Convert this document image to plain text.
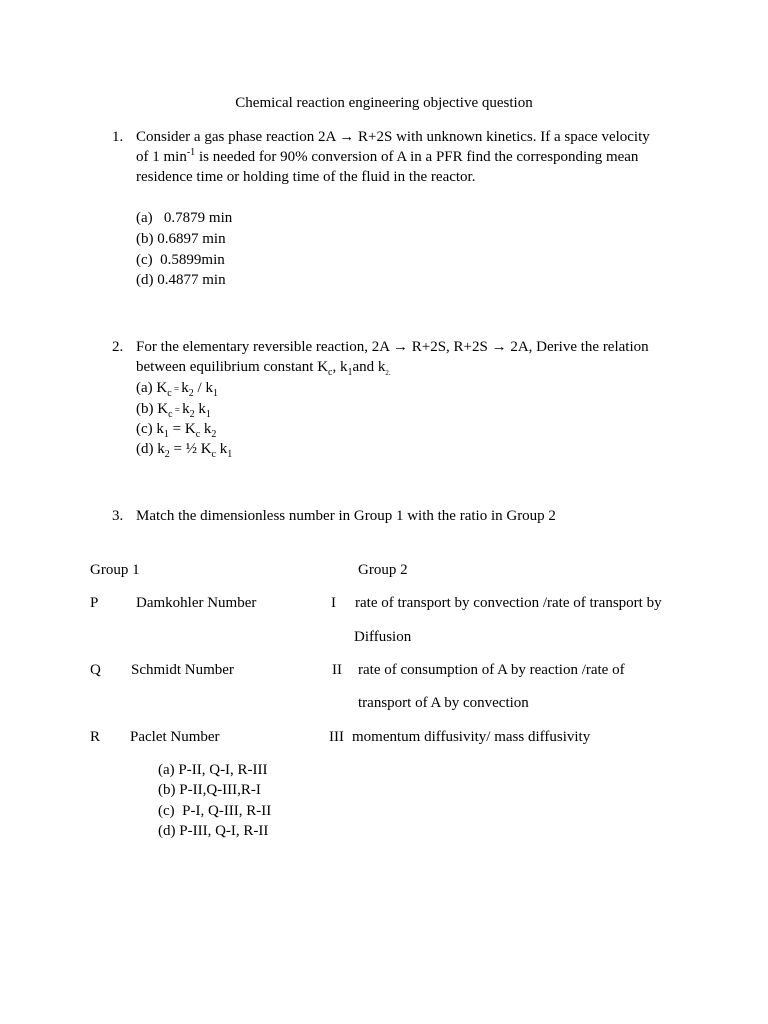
Chemical reaction engineering objective question
1. Consider a gas phase reaction 2A → R+2S with unknown kinetics. If a space velocity
of 1 $\min^{-1}$ is needed for 90% conversion of A in a PFR find the corresponding mean
residence time or holding time of the fluid in the reactor.
(a) 0.7879 min
(b) 0.6897 min
(c) 0.5899min
(d) 0.4877 min
2. For the elementary reversible reaction, 2A → R+2S, R+2S → 2A, Derive the relation
between equilibrium constant $K_c$, $k_1and$ $k_{2.}$
(a) $K_c = k_2 / k_1$
(b) $K_c = k_2$ $k_1$
(c) $k_1 = K_c$ $k_2$
(d) $k_2$ = ½ $K_c$ $k_1$
3. Match the dimensionless number in Group 1 with the ratio in Group 2
Group 1	Group 2
P	Damkohler Number	I rate of transport by convection /rate of transport by
Diffusion
Q Schmidt Number	II rate of consumption of A by reaction /rate of
transport of A by convection
R Paclet Number	III momentum diffusivity/ mass diffusivity
(a) P-II, Q-I, R-III
(b) P-II,Q-III,R-I
(c) P-I, Q-III, R-II
(d) P-III, Q-I, R-II
